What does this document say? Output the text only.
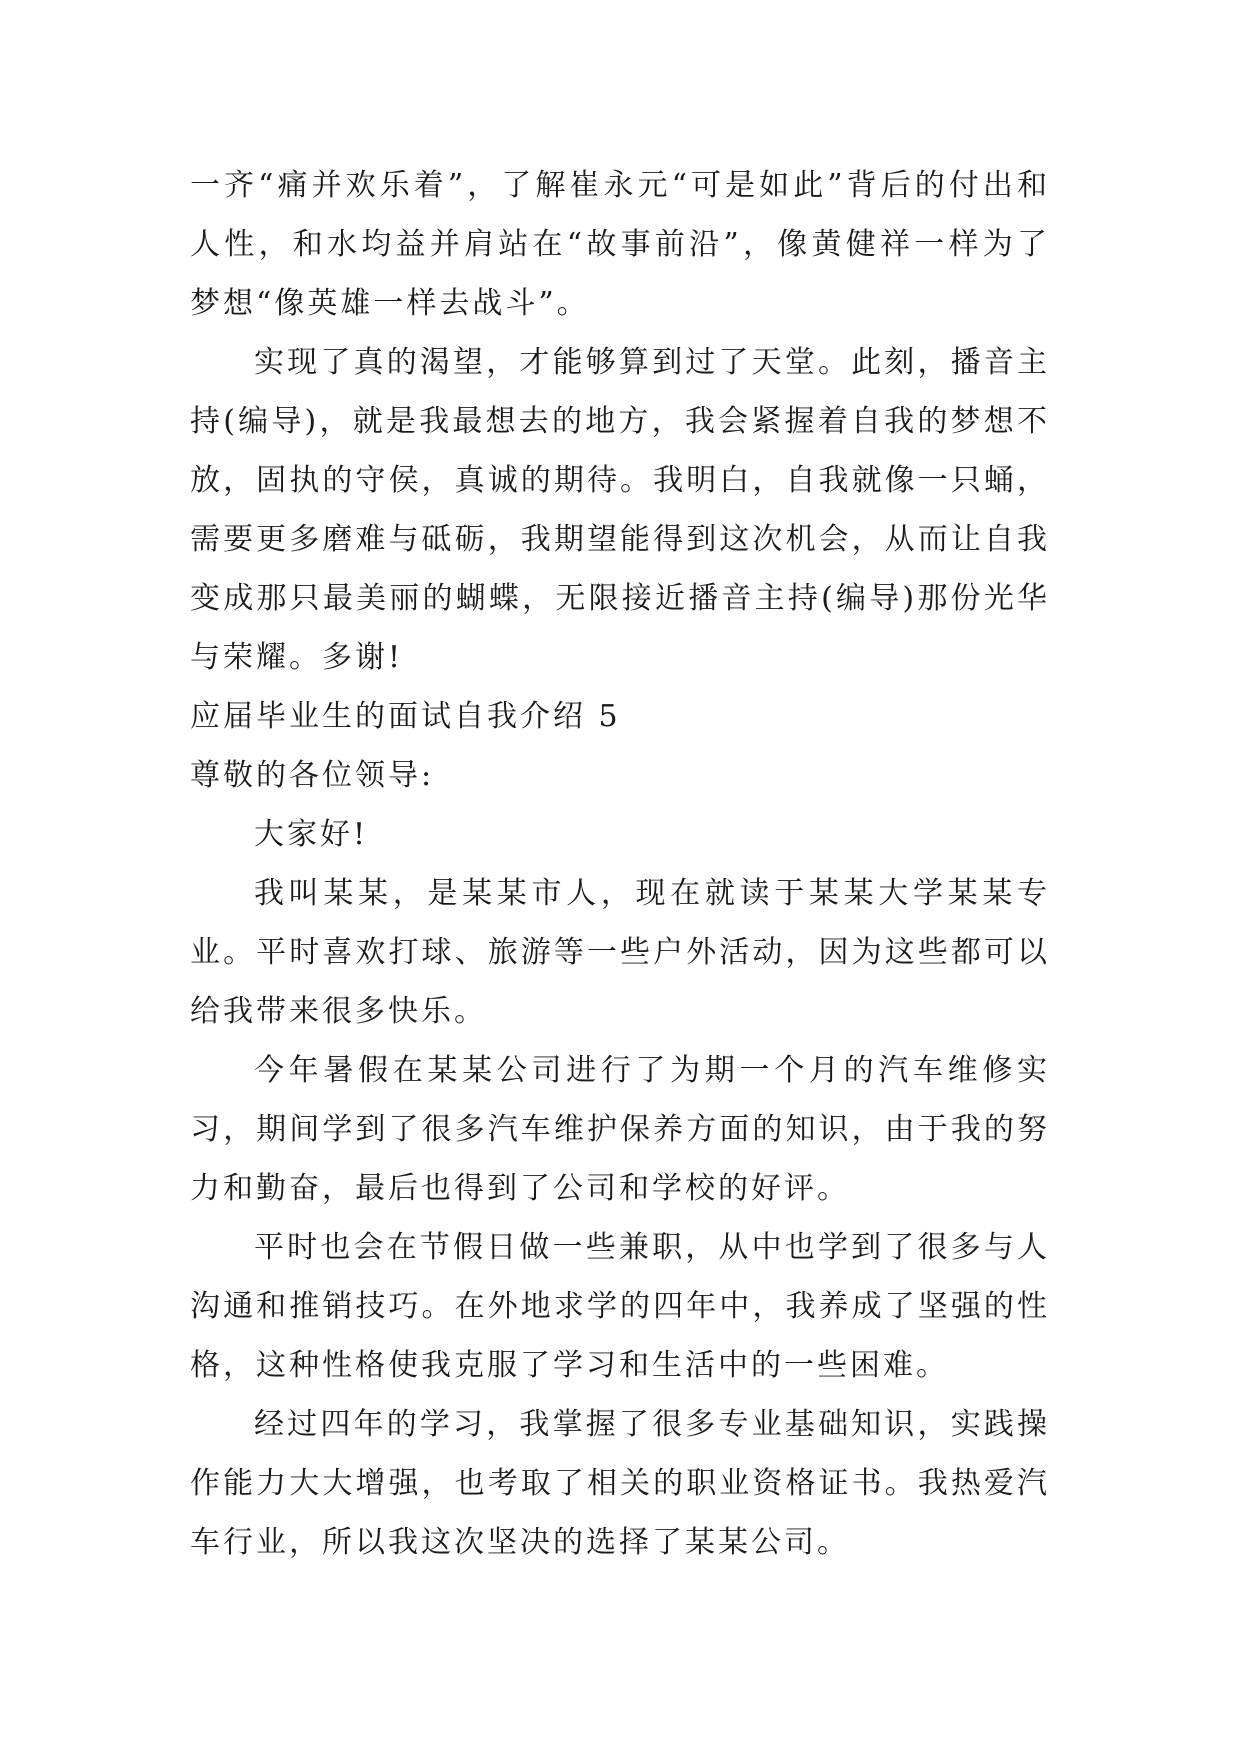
一齐“痛并欢乐着”，了解崔永元“可是如此”背后的付出和人性，和水均益并肩站在“故事前沿”，像黄健祥一样为了梦想“像英雄一样去战斗”。

实现了真的渴望，才能够算到过了天堂。此刻，播音主持(编导)，就是我最想去的地方，我会紧握着自我的梦想不放，固执的守侯，真诚的期待。我明白，自我就像一只蛹，需要更多磨难与砥砺，我期望能得到这次机会，从而让自我变成那只最美丽的蝴蝶，无限接近播音主持(编导)那份光华与荣耀。多谢!

应届毕业生的面试自我介绍 5

尊敬的各位领导:

大家好!

我叫某某，是某某市人，现在就读于某某大学某某专业。平时喜欢打球、旅游等一些户外活动，因为这些都可以给我带来很多快乐。

今年暑假在某某公司进行了为期一个月的汽车维修实习，期间学到了很多汽车维护保养方面的知识，由于我的努力和勤奋，最后也得到了公司和学校的好评。

平时也会在节假日做一些兼职，从中也学到了很多与人沟通和推销技巧。在外地求学的四年中，我养成了坚强的性格，这种性格使我克服了学习和生活中的一些困难。

经过四年的学习，我掌握了很多专业基础知识，实践操作能力大大增强，也考取了相关的职业资格证书。我热爱汽车行业，所以我这次坚决的选择了某某公司。
